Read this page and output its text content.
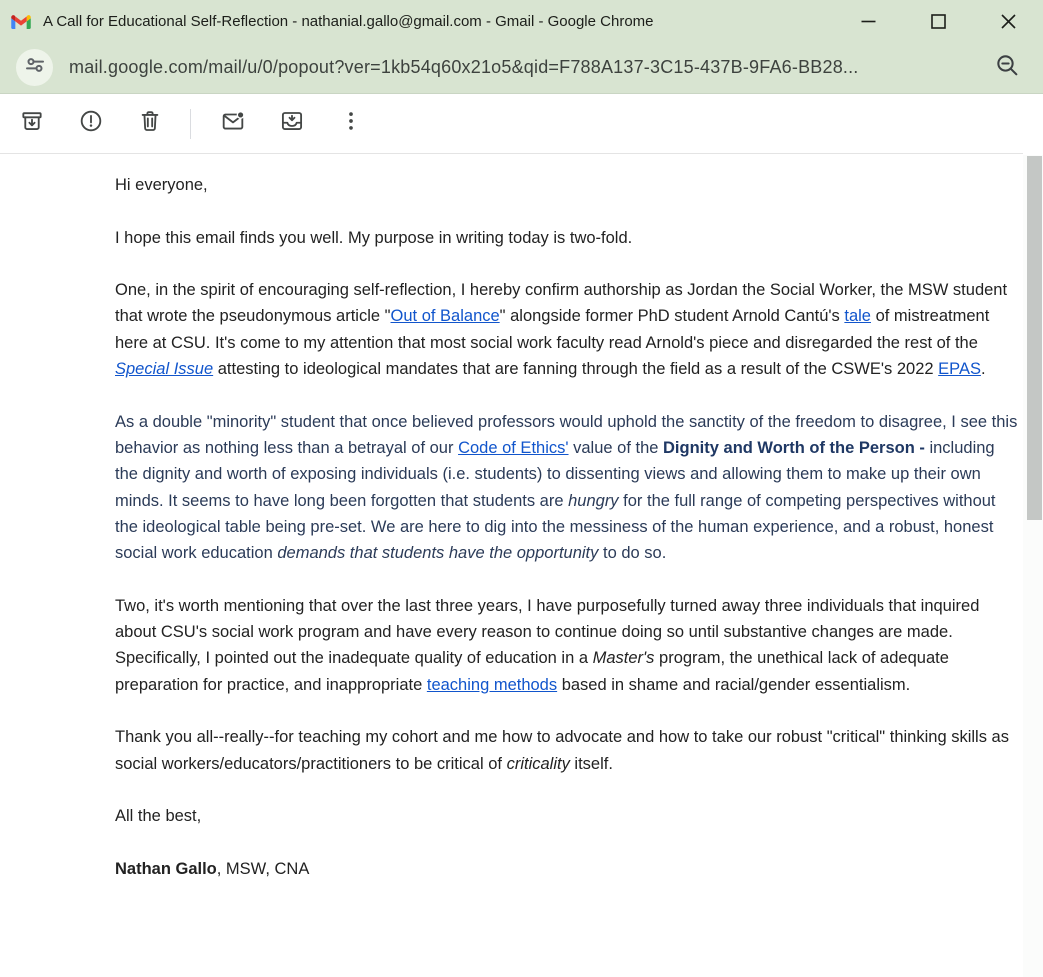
A Call for Educational Self-Reflection - nathanial.gallo@gmail.com - Gmail - Google Chrome
mail.google.com/mail/u/0/popout?ver=1kb54q60x21o5&qid=F788A137-3C15-437B-9FA6-BB28...

Hi everyone,

I hope this email finds you well. My purpose in writing today is two-fold.

One, in the spirit of encouraging self-reflection, I hereby confirm authorship as Jordan the Social Worker, the MSW student that wrote the pseudonymous article "Out of Balance" alongside former PhD student Arnold Cantú's tale of mistreatment here at CSU. It's come to my attention that most social work faculty read Arnold's piece and disregarded the rest of the Special Issue attesting to ideological mandates that are fanning through the field as a result of the CSWE's 2022 EPAS.

As a double "minority" student that once believed professors would uphold the sanctity of the freedom to disagree, I see this behavior as nothing less than a betrayal of our Code of Ethics' value of the Dignity and Worth of the Person - including the dignity and worth of exposing individuals (i.e. students) to dissenting views and allowing them to make up their own minds. It seems to have long been forgotten that students are hungry for the full range of competing perspectives without the ideological table being pre-set. We are here to dig into the messiness of the human experience, and a robust, honest social work education demands that students have the opportunity to do so.

Two, it's worth mentioning that over the last three years, I have purposefully turned away three individuals that inquired about CSU's social work program and have every reason to continue doing so until substantive changes are made. Specifically, I pointed out the inadequate quality of education in a Master's program, the unethical lack of adequate preparation for practice, and inappropriate teaching methods based in shame and racial/gender essentialism.

Thank you all--really--for teaching my cohort and me how to advocate and how to take our robust "critical" thinking skills as social workers/educators/practitioners to be critical of criticality itself.

All the best,

Nathan Gallo, MSW, CNA
